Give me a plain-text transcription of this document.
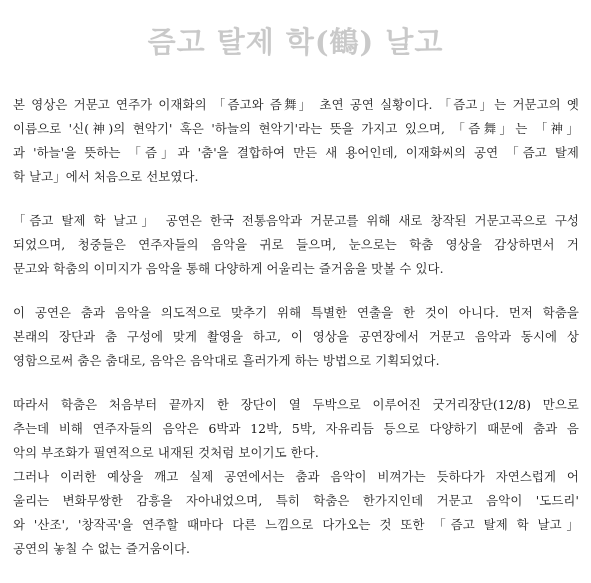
즘고 탈제 학(鶴) 날고
본 영상은 거문고 연주가 이재화의 「즘고와 즘舞」 초연 공연 실황이다. 「즘고」는 거문고의 옛
이름으로 '신(神)의 현악기' 혹은 '하늘의 현악기'라는 뜻을 가지고 있으며, 「즘舞」는 「神」
과 '하늘'을 뜻하는 「즘」과 '춤'을 결합하여 만든 새 용어인데, 이재화씨의 공연 「즘고 탈제
학 날고」에서 처음으로 선보였다.
「즘고 탈제 학 날고」 공연은 한국 전통음악과 거문고를 위해 새로 창작된 거문고곡으로 구성
되었으며, 청중들은 연주자들의 음악을 귀로 들으며, 눈으로는 학춤 영상을 감상하면서 거
문고와 학춤의 이미지가 음악을 통해 다양하게 어울리는 즐거움을 맛볼 수 있다.
이 공연은 춤과 음악을 의도적으로 맞추기 위해 특별한 연출을 한 것이 아니다. 먼저 학춤을
본래의 장단과 춤 구성에 맞게 촬영을 하고, 이 영상을 공연장에서 거문고 음악과 동시에 상
영함으로써 춤은 춤대로, 음악은 음악대로 흘러가게 하는 방법으로 기획되었다.
따라서 학춤은 처음부터 끝까지 한 장단이 열 두박으로 이루어진 굿거리장단(12/8) 만으로
추는데 비해 연주자들의 음악은 6박과 12박, 5박, 자유리듬 등으로 다양하기 때문에 춤과 음
악의 부조화가 필연적으로 내재된 것처럼 보이기도 한다.
그러나 이러한 예상을 깨고 실제 공연에서는 춤과 음악이 비껴가는 듯하다가 자연스럽게 어
울리는 변화무쌍한 감흥을 자아내었으며, 특히 학춤은 한가지인데 거문고 음악이 '도드리'
와 '산조', '창작곡'을 연주할 때마다 다른 느낌으로 다가오는 것 또한 「즘고 탈제 학 날고」
공연의 놓칠 수 없는 즐거움이다.
